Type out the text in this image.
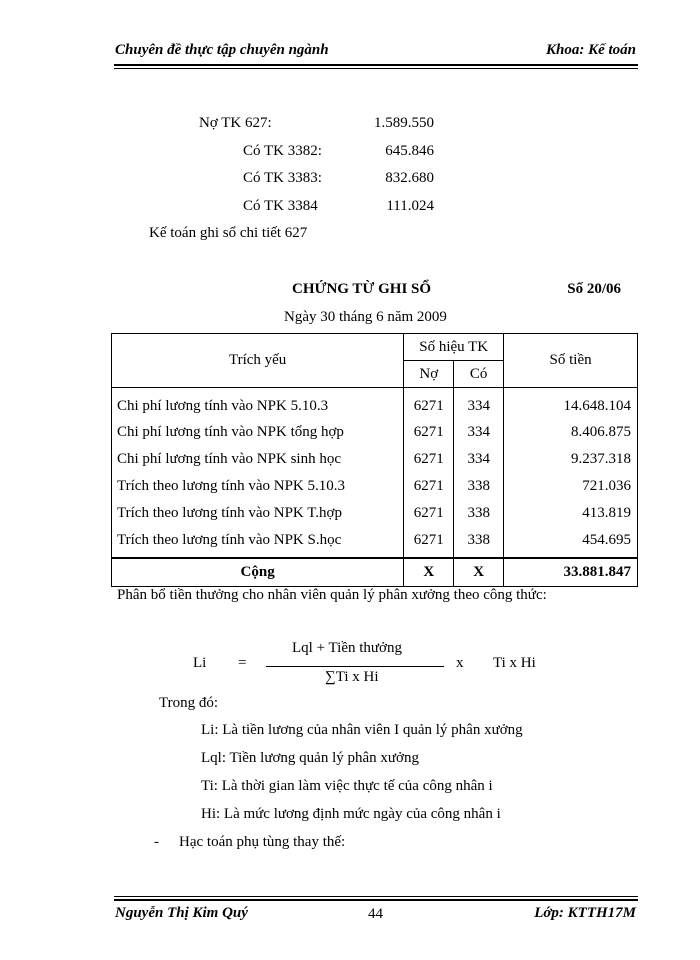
Chuyên đề thực tập chuyên ngành	Khoa: Kế toán
Nợ TK 627:	1.589.550
Có TK 3382:	645.846
Có TK 3383:	832.680
Có TK 3384	111.024
Kế toán ghi sổ chi tiết 627
CHỨNG TỪ GHI SỔ	Số 20/06
Ngày 30 tháng 6 năm 2009
Trích yếu	Số hiệu TK		Số tiền
	Nợ	Có	
Chi phí lương tính vào NPK 5.10.3	6271	334	14.648.104
Chi phí lương tính vào NPK tổng hợp	6271	334	8.406.875
Chi phí lương tính vào NPK sinh học	6271	334	9.237.318
Trích theo lương tính vào NPK 5.10.3	6271	338	721.036
Trích theo lương tính vào NPK T.hợp	6271	338	413.819
Trích theo lương tính vào NPK S.học	6271	338	454.695
Cộng	X	X	33.881.847
Phân bổ tiền thưởng cho nhân viên quản lý phân xưởng theo công thức:
Li =
Lql + Tiền thưởng
∑Ti x Hi
x Ti x Hi
Trong đó:
Li: Là tiền lương của nhân viên I quản lý phân xưởng
Lql: Tiền lương quản lý phân xưởng
Ti: Là thời gian làm việc thực tế của công nhân i
Hi: Là mức lương định mức ngày của công nhân i
- Hạc toán phụ tùng thay thế:
Nguyễn Thị Kim Quý	44	Lớp: KTTH17M
